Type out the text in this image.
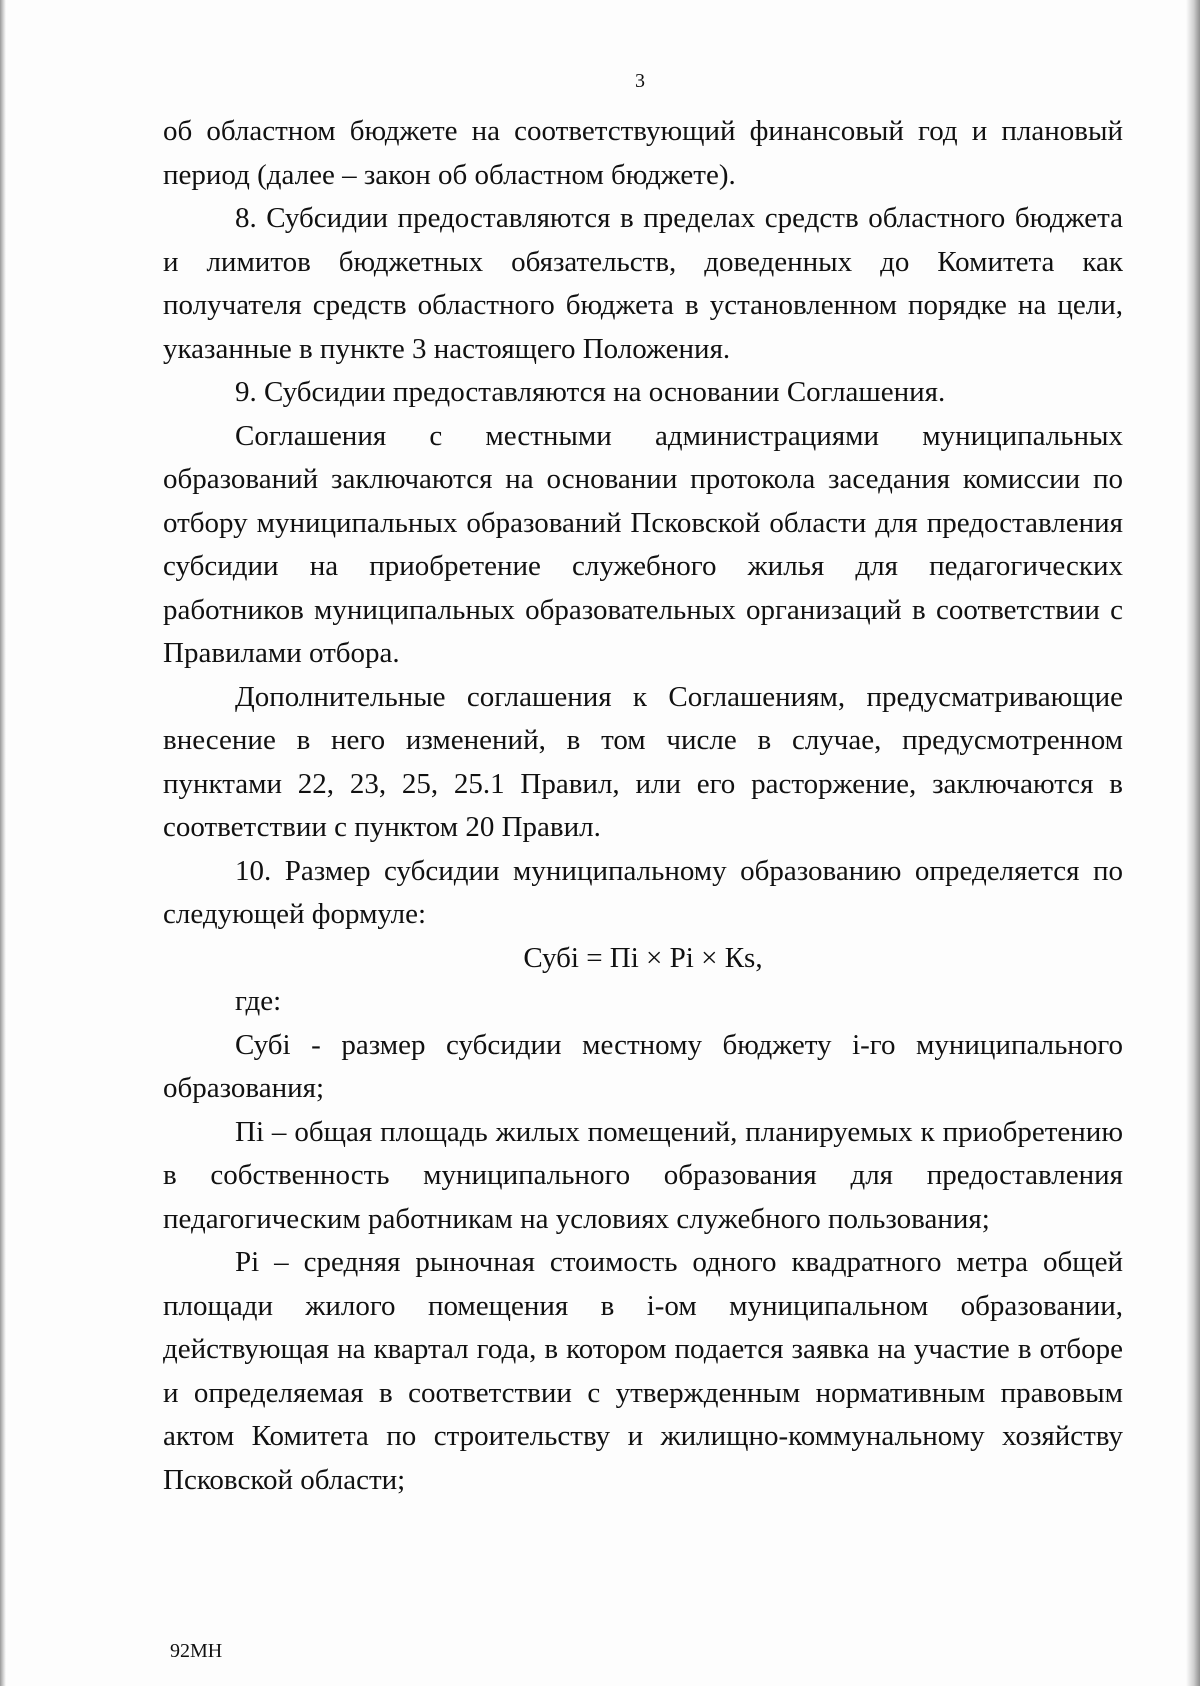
3

об областном бюджете на соответствующий финансовый год и плановый период (далее – закон об областном бюджете).

8. Субсидии предоставляются в пределах средств областного бюджета и лимитов бюджетных обязательств, доведенных до Комитета как получателя средств областного бюджета в установленном порядке на цели, указанные в пункте 3 настоящего Положения.

9. Субсидии предоставляются на основании Соглашения.

Соглашения с местными администрациями муниципальных образований заключаются на основании протокола заседания комиссии по отбору муниципальных образований Псковской области для предоставления субсидии на приобретение служебного жилья для педагогических работников муниципальных образовательных организаций в соответствии с Правилами отбора.

Дополнительные соглашения к Соглашениям, предусматривающие внесение в него изменений, в том числе в случае, предусмотренном пунктами 22, 23, 25, 25.1 Правил, или его расторжение, заключаются в соответствии с пунктом 20 Правил.

10. Размер субсидии муниципальному образованию определяется по следующей формуле:

Субi = Пi × Рi × Кs,

где:

Субi - размер субсидии местному бюджету i-го муниципального образования;

Пi – общая площадь жилых помещений, планируемых к приобретению в собственность муниципального образования для предоставления педагогическим работникам на условиях служебного пользования;

Рi – средняя рыночная стоимость одного квадратного метра общей площади жилого помещения в i-ом муниципальном образовании, действующая на квартал года, в котором подается заявка на участие в отборе и определяемая в соответствии с утвержденным нормативным правовым актом Комитета по строительству и жилищно-коммунальному хозяйству Псковской области;

92МН
